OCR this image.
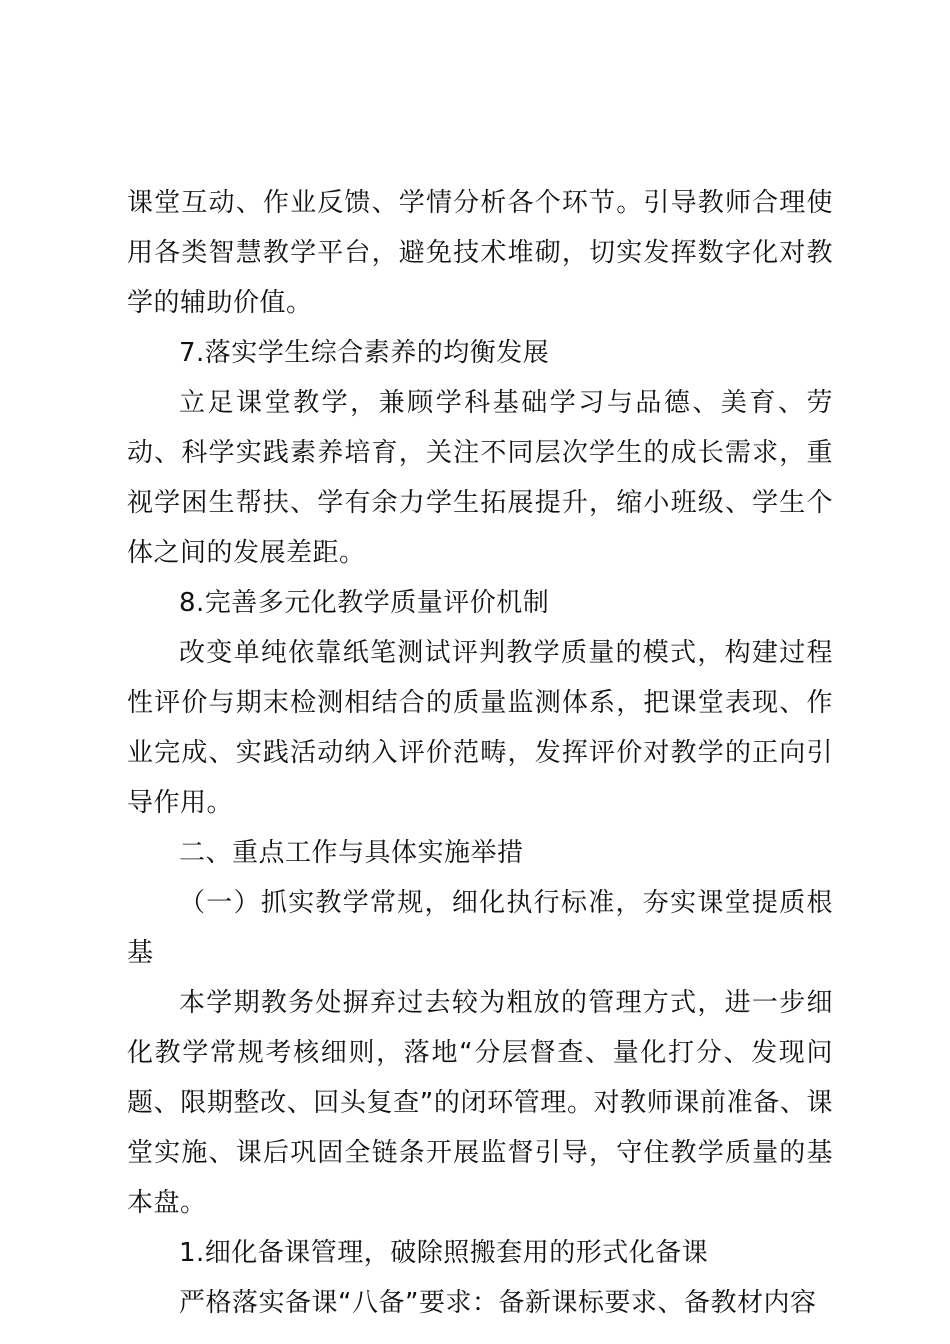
课堂互动、作业反馈、学情分析各个环节。引导教师合理使用各类智慧教学平台，避免技术堆砌，切实发挥数字化对教学的辅助价值。

7.落实学生综合素养的均衡发展

立足课堂教学，兼顾学科基础学习与品德、美育、劳动、科学实践素养培育，关注不同层次学生的成长需求，重视学困生帮扶、学有余力学生拓展提升，缩小班级、学生个体之间的发展差距。

8.完善多元化教学质量评价机制

改变单纯依靠纸笔测试评判教学质量的模式，构建过程性评价与期末检测相结合的质量监测体系，把课堂表现、作业完成、实践活动纳入评价范畴，发挥评价对教学的正向引导作用。

二、重点工作与具体实施举措

（一）抓实教学常规，细化执行标准，夯实课堂提质根基

本学期教务处摒弃过去较为粗放的管理方式，进一步细化教学常规考核细则，落地“分层督查、量化打分、发现问题、限期整改、回头复查”的闭环管理。对教师课前准备、课堂实施、课后巩固全链条开展监督引导，守住教学质量的基本盘。

1.细化备课管理，破除照搬套用的形式化备课

严格落实备课“八备”要求：备新课标要求、备教材内容
